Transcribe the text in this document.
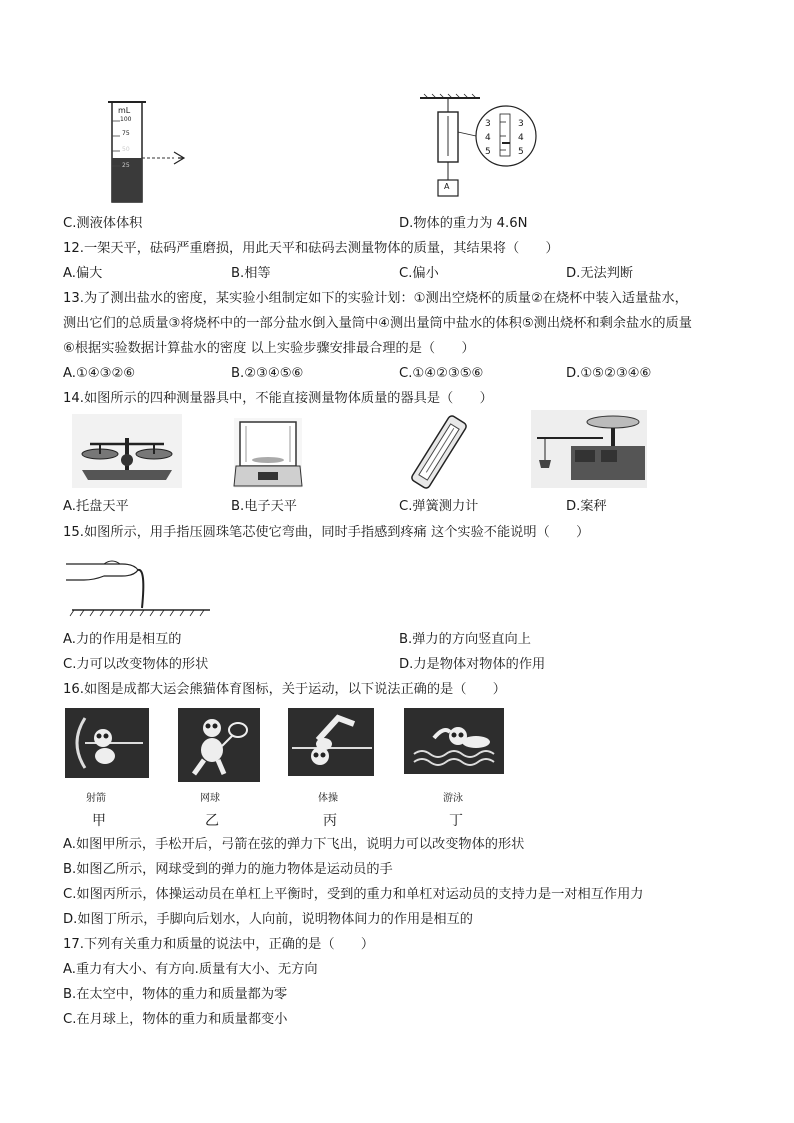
mL
100
75
50
25
3
4
5
3
4
5
A
C.测液体体积	D.物体的重力为 4.6N
12.一架天平，砝码严重磨损，用此天平和砝码去测量物体的质量，其结果将（　　）
A.偏大	B.相等	C.偏小	D.无法判断
13.为了测出盐水的密度，某实验小组制定如下的实验计划：①测出空烧杯的质量②在烧杯中装入适量盐水，
测出它们的总质量③将烧杯中的一部分盐水倒入量筒中④测出量筒中盐水的体积⑤测出烧杯和剩余盐水的质量
⑥根据实验数据计算盐水的密度 以上实验步骤安排最合理的是（　　）
A.①④③②⑥	B.②③④⑤⑥	C.①④②③⑤⑥	D.①⑤②③④⑥
14.如图所示的四种测量器具中，不能直接测量物体质量的器具是（　　）
A.托盘天平	B.电子天平	C.弹簧测力计	D.案秤
15.如图所示，用手指压圆珠笔芯使它弯曲，同时手指感到疼痛 这个实验不能说明（　　）
A.力的作用是相互的	B.弹力的方向竖直向上
C.力可以改变物体的形状	D.力是物体对物体的作用
16.如图是成都大运会熊猫体育图标，关于运动，以下说法正确的是（　　）
射箭	网球	体操	游泳
甲	乙	丙	丁
A.如图甲所示，手松开后，弓箭在弦的弹力下飞出，说明力可以改变物体的形状
B.如图乙所示，网球受到的弹力的施力物体是运动员的手
C.如图丙所示，体操运动员在单杠上平衡时，受到的重力和单杠对运动员的支持力是一对相互作用力
D.如图丁所示，手脚向后划水，人向前，说明物体间力的作用是相互的
17.下列有关重力和质量的说法中，正确的是（　　）
A.重力有大小、有方向.质量有大小、无方向
B.在太空中，物体的重力和质量都为零
C.在月球上，物体的重力和质量都变小
